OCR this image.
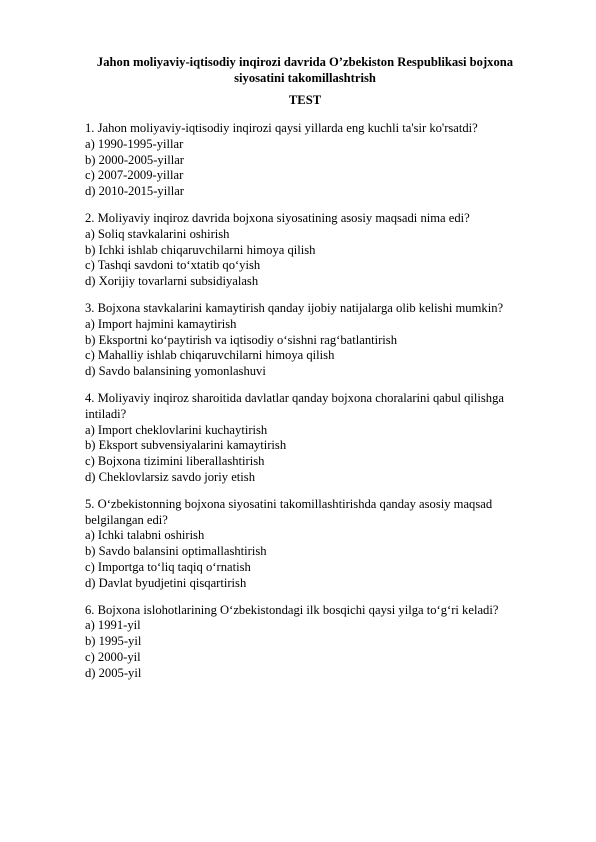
Jahon moliyaviy-iqtisodiy inqirozi davrida O’zbekiston Respublikasi bojxona siyosatini takomillashtrish

TEST

1. Jahon moliyaviy-iqtisodiy inqirozi qaysi yillarda eng kuchli ta'sir ko'rsatdi?

a) 1990-1995-yillar
b) 2000-2005-yillar
c) 2007-2009-yillar
d) 2010-2015-yillar

2. Moliyaviy inqiroz davrida bojxona siyosatining asosiy maqsadi nima edi?

a) Soliq stavkalarini oshirish
b) Ichki ishlab chiqaruvchilarni himoya qilish
c) Tashqi savdoni to‘xtatib qo‘yish
d) Xorijiy tovarlarni subsidiyalash

3. Bojxona stavkalarini kamaytirish qanday ijobiy natijalarga olib kelishi mumkin?

a) Import hajmini kamaytirish
b) Eksportni ko‘paytirish va iqtisodiy o‘sishni rag‘batlantirish
c) Mahalliy ishlab chiqaruvchilarni himoya qilish
d) Savdo balansining yomonlashuvi

4. Moliyaviy inqiroz sharoitida davlatlar qanday bojxona choralarini qabul qilishga intiladi?

a) Import cheklovlarini kuchaytirish
b) Eksport subvensiyalarini kamaytirish
c) Bojxona tizimini liberallashtirish
d) Cheklovlarsiz savdo joriy etish

5. O‘zbekistonning bojxona siyosatini takomillashtirishda qanday asosiy maqsad belgilangan edi?

a) Ichki talabni oshirish
b) Savdo balansini optimallashtirish
c) Importga to‘liq taqiq o‘rnatish
d) Davlat byudjetini qisqartirish

6. Bojxona islohotlarining O‘zbekistondagi ilk bosqichi qaysi yilga to‘g‘ri keladi?

a) 1991-yil
b) 1995-yil
c) 2000-yil
d) 2005-yil
